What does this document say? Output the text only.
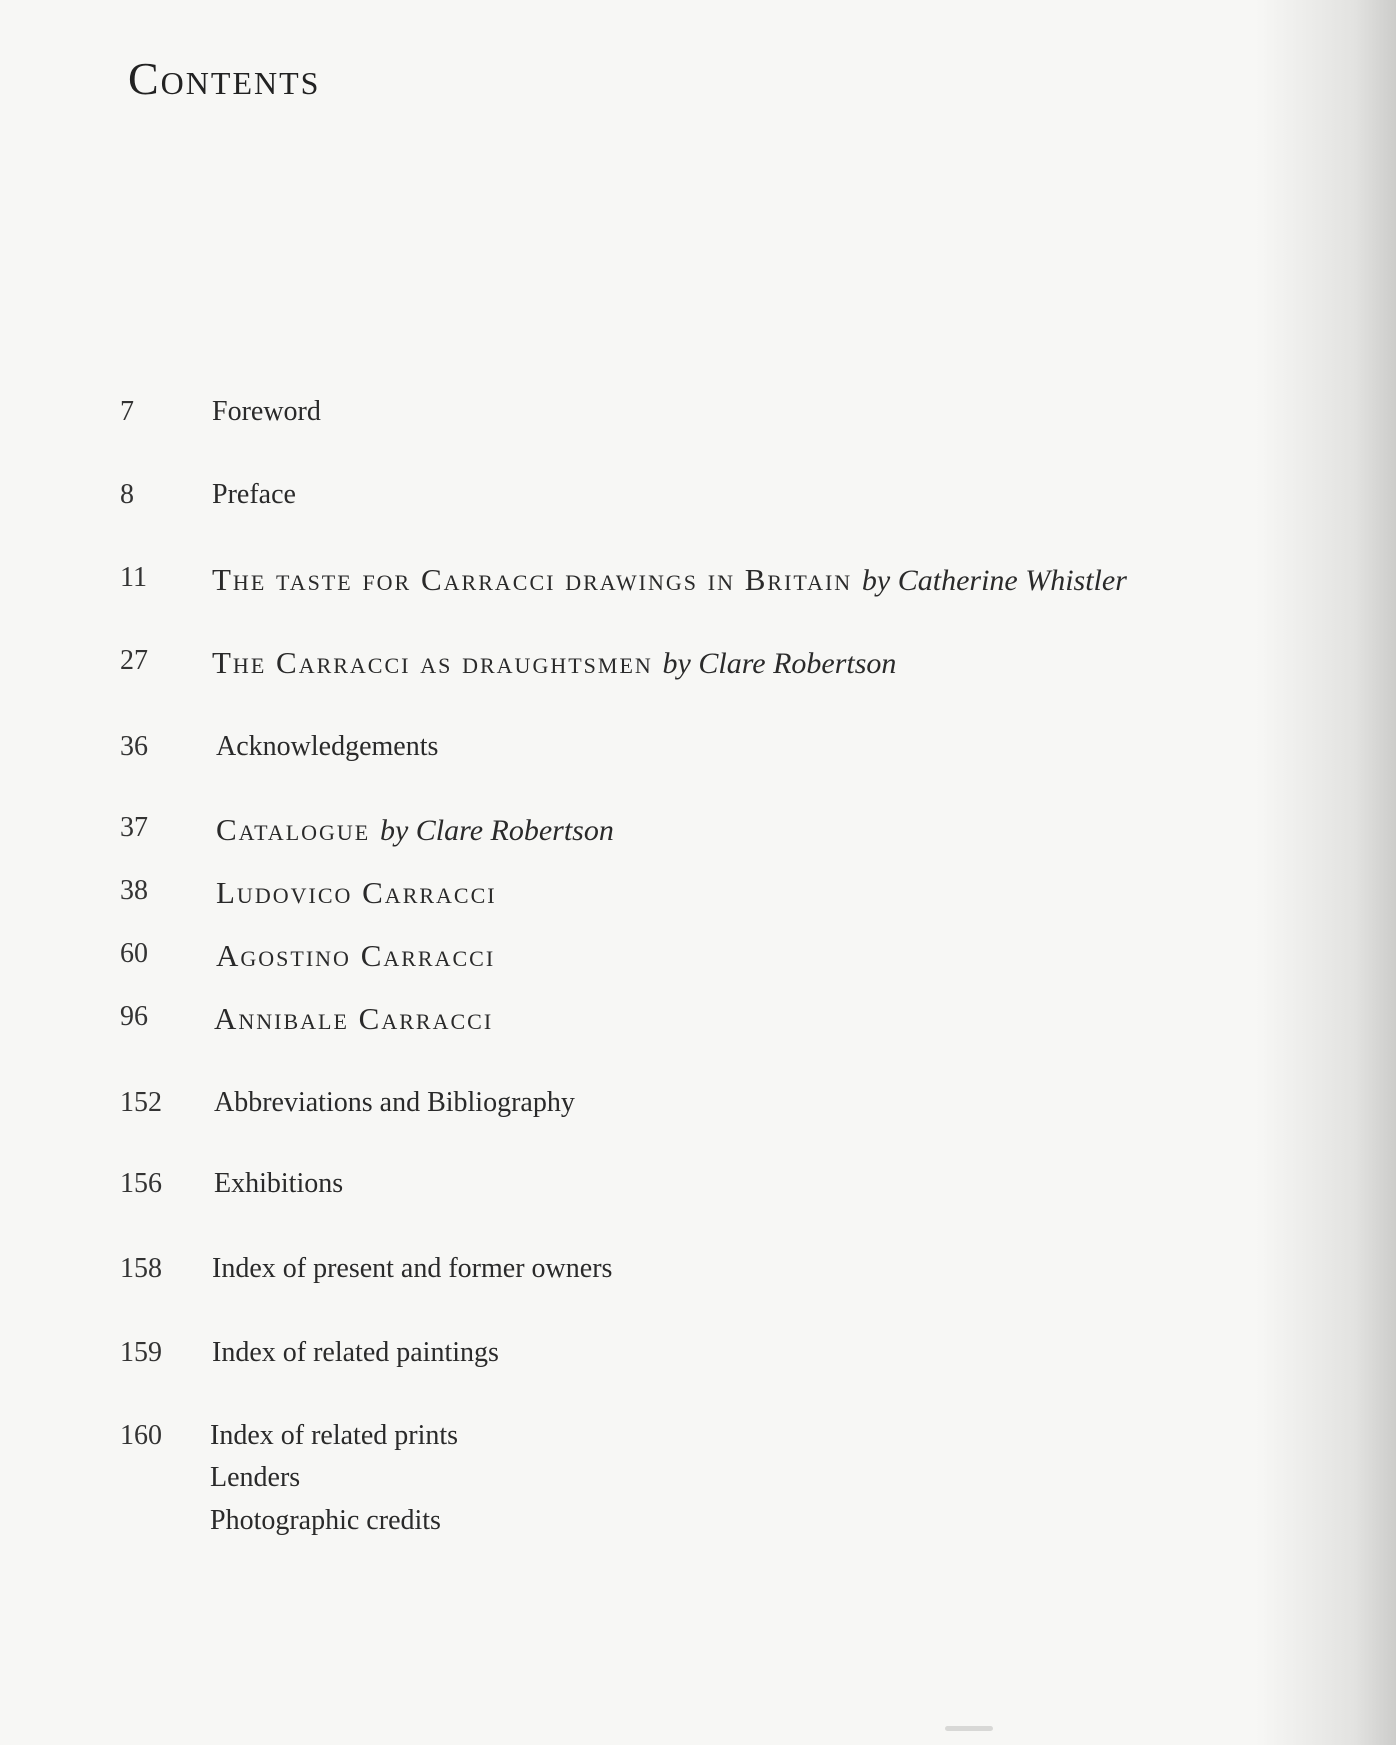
Contents
7	Foreword
8	Preface
11 The taste for Carracci drawings in Britain by Catherine Whistler
27 The Carracci as draughtsmen by Clare Robertson
36 Acknowledgements
37 Catalogue by Clare Robertson
38 Ludovico Carracci
60 Agostino Carracci
96 Annibale Carracci
152 Abbreviations and Bibliography
156 Exhibitions
158 Index of present and former owners
159 Index of related paintings
160 Index of related prints
Lenders
Photographic credits
